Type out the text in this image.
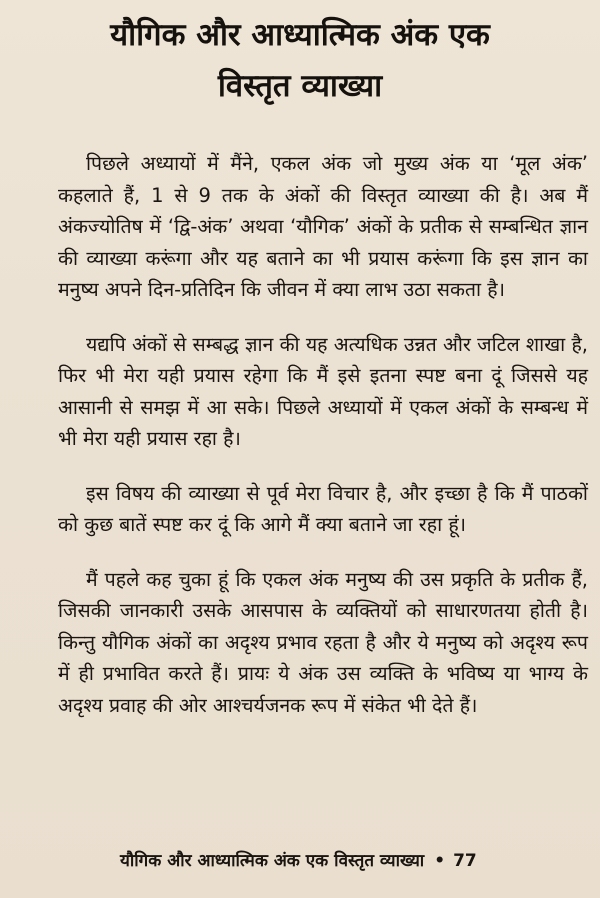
यौगिक और आध्यात्मिक अंक एक
विस्तृत व्याख्या

पिछले अध्यायों में मैंने, एकल अंक जो मुख्य अंक या ‘मूल अंक’ कहलाते हैं, 1 से 9 तक के अंकों की विस्तृत व्याख्या की है। अब मैं अंकज्योतिष में ‘द्वि-अंक’ अथवा ‘यौगिक’ अंकों के प्रतीक से सम्बन्धित ज्ञान की व्याख्या करूंगा और यह बताने का भी प्रयास करूंगा कि इस ज्ञान का मनुष्य अपने दिन-प्रतिदिन कि जीवन में क्या लाभ उठा सकता है।

यद्यपि अंकों से सम्बद्ध ज्ञान की यह अत्यधिक उन्नत और जटिल शाखा है, फिर भी मेरा यही प्रयास रहेगा कि मैं इसे इतना स्पष्ट बना दूं जिससे यह आसानी से समझ में आ सके। पिछले अध्यायों में एकल अंकों के सम्बन्ध में भी मेरा यही प्रयास रहा है।

इस विषय की व्याख्या से पूर्व मेरा विचार है, और इच्छा है कि मैं पाठकों को कुछ बातें स्पष्ट कर दूं कि आगे मैं क्या बताने जा रहा हूं।

मैं पहले कह चुका हूं कि एकल अंक मनुष्य की उस प्रकृति के प्रतीक हैं, जिसकी जानकारी उसके आसपास के व्यक्तियों को साधारणतया होती है। किन्तु यौगिक अंकों का अदृश्य प्रभाव रहता है और ये मनुष्य को अदृश्य रूप में ही प्रभावित करते हैं। प्रायः ये अंक उस व्यक्ति के भविष्य या भाग्य के अदृश्य प्रवाह की ओर आश्चर्यजनक रूप में संकेत भी देते हैं।

यौगिक और आध्यात्मिक अंक एक विस्तृत व्याख्या • 77
